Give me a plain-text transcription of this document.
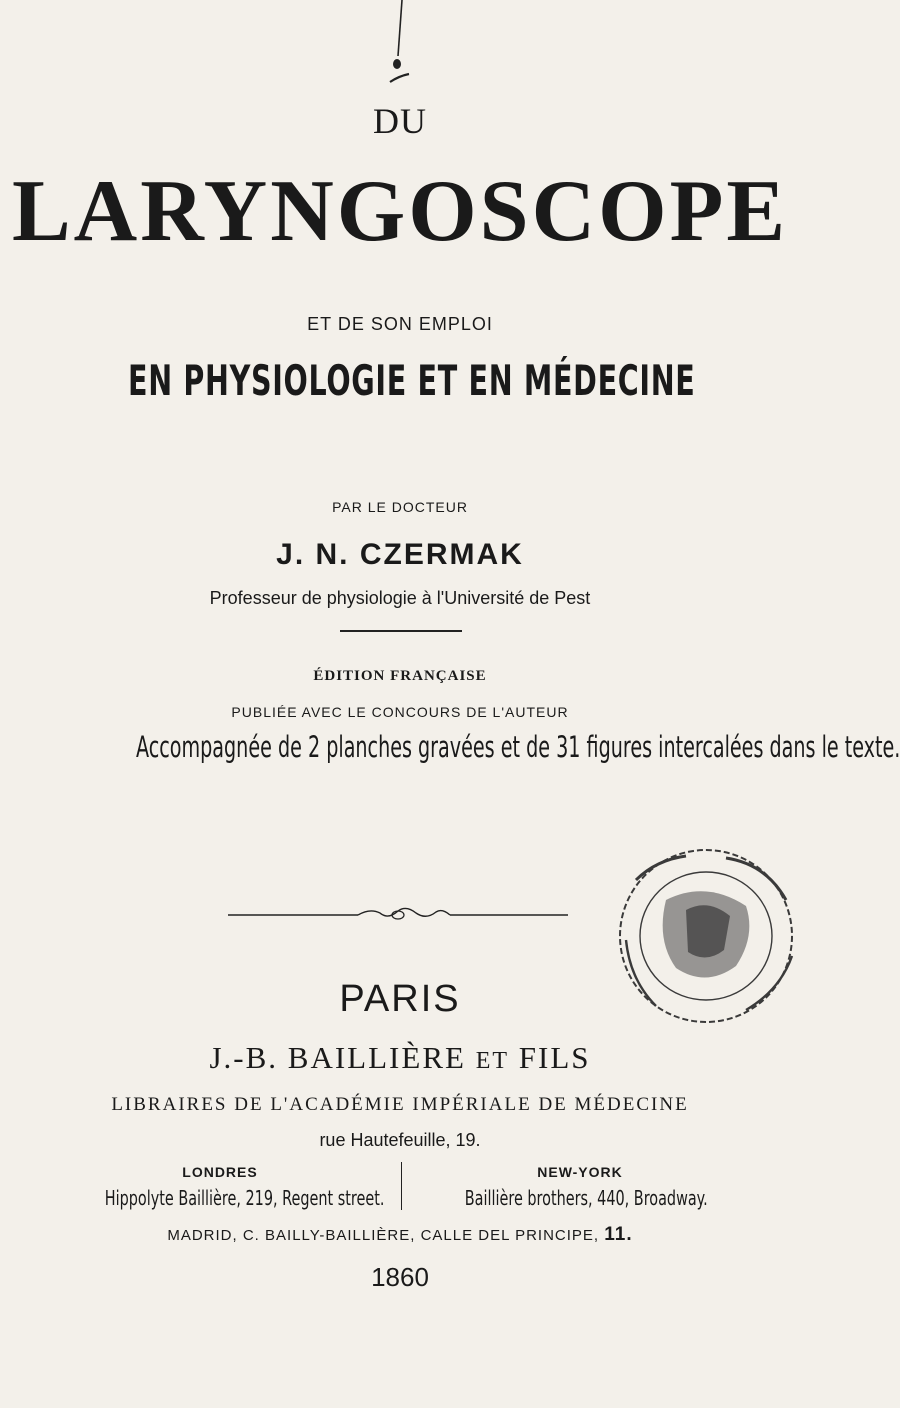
DU
LARYNGOSCOPE
ET DE SON EMPLOI
EN PHYSIOLOGIE ET EN MÉDECINE
PAR LE DOCTEUR
J. N. CZERMAK
Professeur de physiologie à l'Université de Pest
ÉDITION FRANÇAISE
PUBLIÉE AVEC LE CONCOURS DE L'AUTEUR
Accompagnée de 2 planches gravées et de 31 figures intercalées dans le texte.
PARIS
J.-B. BAILLIÈRE ET FILS
LIBRAIRES DE L'ACADÉMIE IMPÉRIALE DE MÉDECINE
rue Hautefeuille, 19.
LONDRES
Hippolyte Baillière, 219, Regent street.
NEW-YORK
Baillière brothers, 440, Broadway.
MADRID, C. BAILLY-BAILLIÈRE, CALLE DEL PRINCIPE, 11.
1860
